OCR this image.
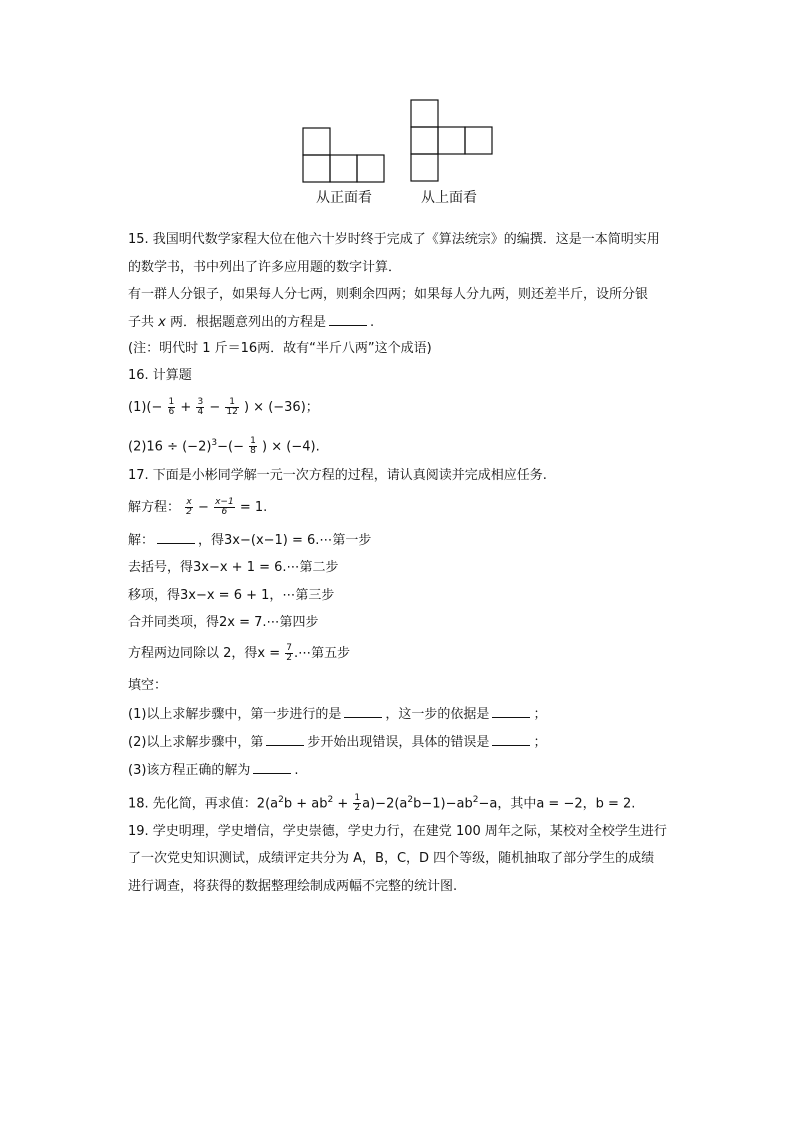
从正面看	从上面看
15. 我国明代数学家程大位在他六十岁时终于完成了《算法统宗》的编撰．这是一本简明实用
的数学书，书中列出了许多应用题的数字计算．
有一群人分银子，如果每人分七两，则剩余四两；如果每人分九两，则还差半斤，设所分银
子共 x 两．根据题意列出的方程是	.
(注：明代时 1 斤＝16两．故有“半斤八两”这个成语)
16. 计算题
$(1)(- \frac{1}{6} + \frac{3}{4} - \frac{1}{12}$ ) × (−36)；
$(2)16 \div (-2)^3-(- \frac{1}{8}$ ) × (−4).
17. 下面是小彬同学解一元一次方程的过程，请认真阅读并完成相应任务.
解方程： $\frac{x}{2} - \frac{x-1}{6} = 1$.
解：	，得3x−(x−1) = 6.⋯第一步
去括号，得3x−x + 1 = 6.⋯第二步
移项，得3x−x = 6 + 1，⋯第三步
合并同类项，得2x = 7.⋯第四步
方程两边同除以 2，得$x = \frac{7}{2}$ .⋯第五步
填空：
(1)以上求解步骤中，第一步进行的是	，这一步的依据是	；
(2)以上求解步骤中，第	步开始出现错误，具体的错误是	；
(3)该方程正确的解为	.
18. 先化简，再求值：$2(a^2b + ab^2 + \frac{1}{2} a)-2(a^2b-1)-ab^2-a$，其中a = −2，b = 2.
19. 学史明理，学史增信，学史崇德，学史力行，在建党 100 周年之际，某校对全校学生进行
了一次党史知识测试，成绩评定共分为 A，B，C，D 四个等级，随机抽取了部分学生的成绩
进行调查，将获得的数据整理绘制成两幅不完整的统计图.
